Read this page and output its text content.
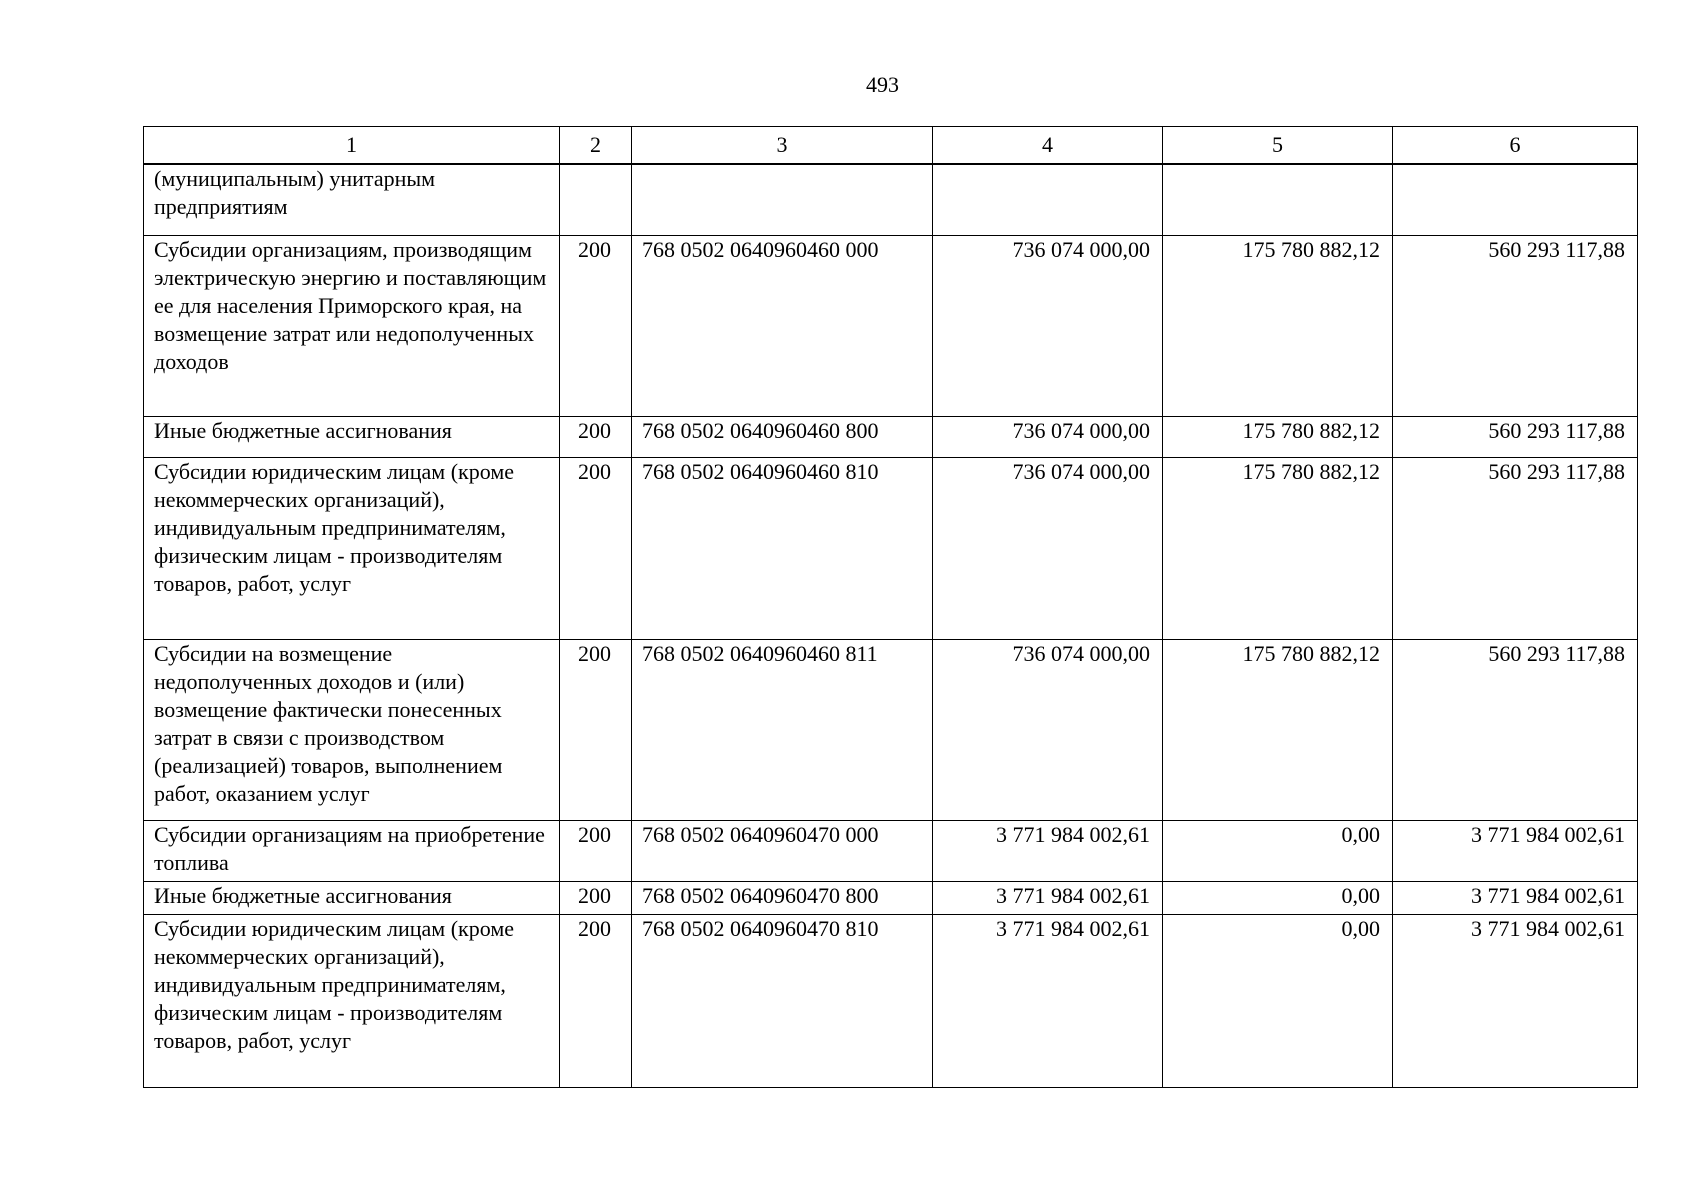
493
1	2	3	4	5	6
(муниципальным) унитарным предприятиям					
Субсидии организациям, производящим электрическую энергию и поставляющим ее для населения Приморского края, на возмещение затрат или недополученных доходов	200	768 0502 0640960460 000	736 074 000,00	175 780 882,12	560 293 117,88
Иные бюджетные ассигнования	200	768 0502 0640960460 800	736 074 000,00	175 780 882,12	560 293 117,88
Субсидии юридическим лицам (кроме некоммерческих организаций), индивидуальным предпринимателям, физическим лицам - производителям товаров, работ, услуг	200	768 0502 0640960460 810	736 074 000,00	175 780 882,12	560 293 117,88
Субсидии на возмещение недополученных доходов и (или) возмещение фактически понесенных затрат в связи с производством (реализацией) товаров, выполнением работ, оказанием услуг	200	768 0502 0640960460 811	736 074 000,00	175 780 882,12	560 293 117,88
Субсидии организациям на приобретение топлива	200	768 0502 0640960470 000	3 771 984 002,61	0,00	3 771 984 002,61
Иные бюджетные ассигнования	200	768 0502 0640960470 800	3 771 984 002,61	0,00	3 771 984 002,61
Субсидии юридическим лицам (кроме некоммерческих организаций), индивидуальным предпринимателям, физическим лицам - производителям товаров, работ, услуг	200	768 0502 0640960470 810	3 771 984 002,61	0,00	3 771 984 002,61
